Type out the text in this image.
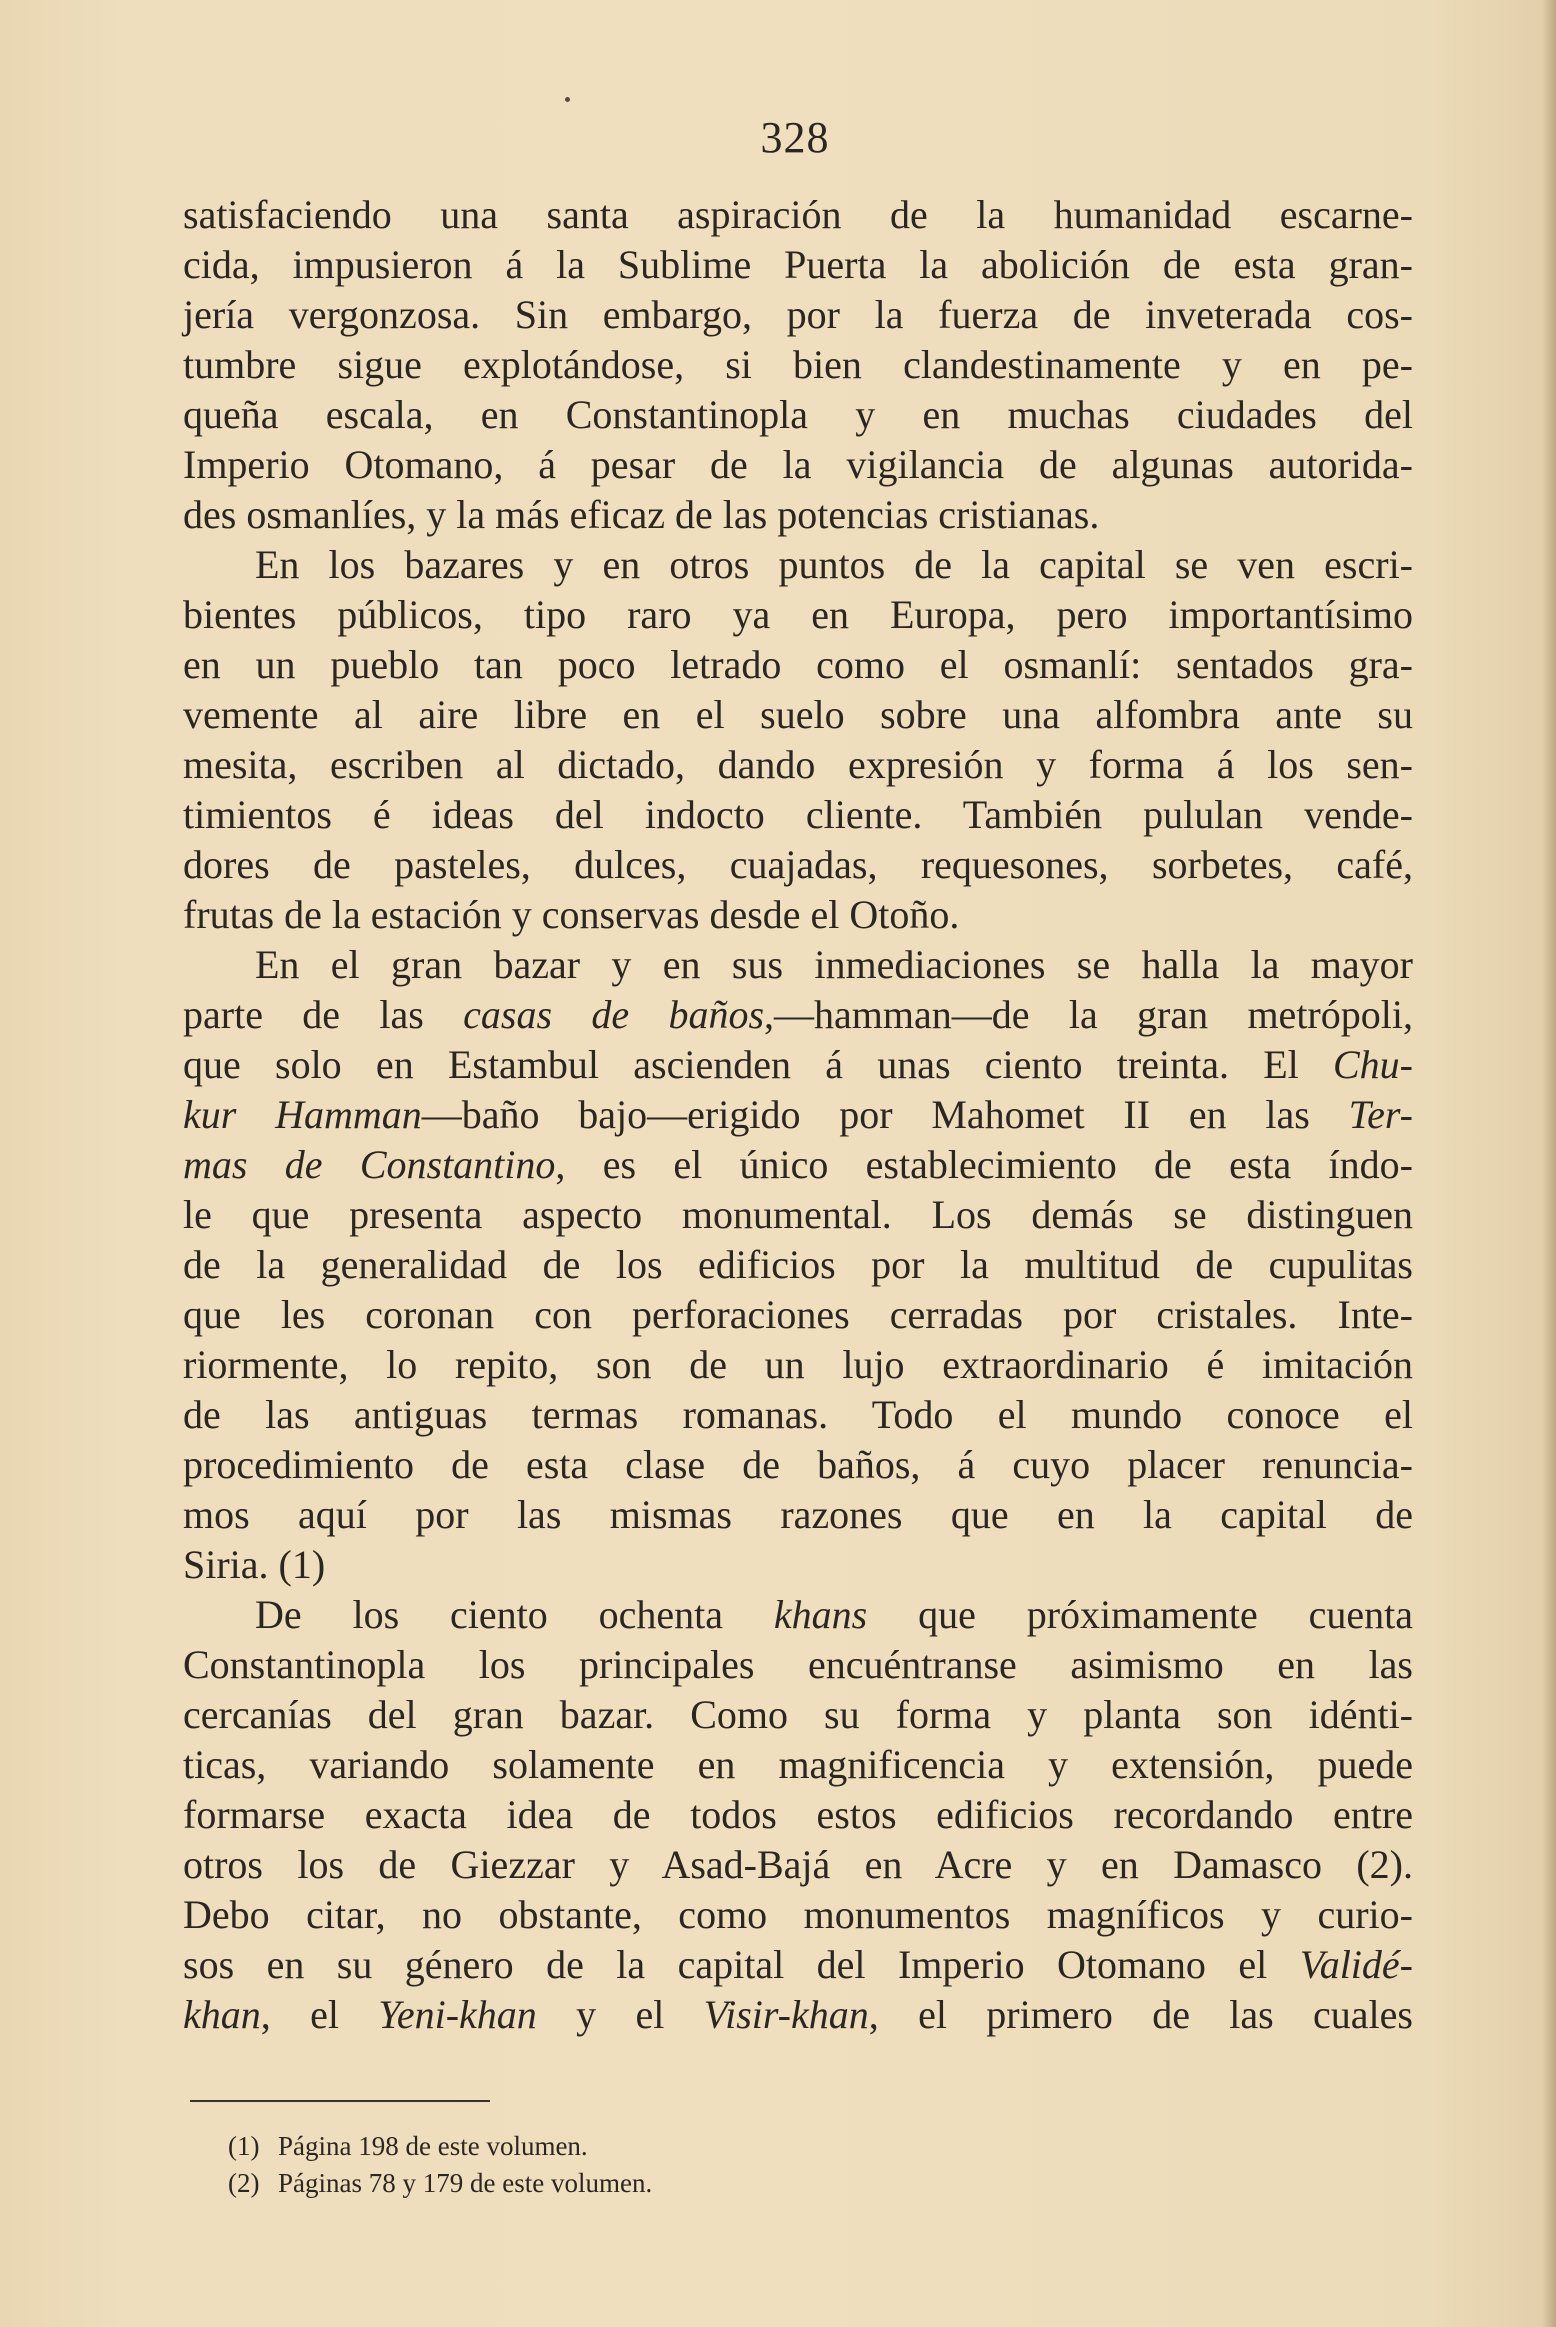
328
satisfaciendo una santa aspiración de la humanidad escarne-
cida, impusieron á la Sublime Puerta la abolición de esta gran-
jería vergonzosa. Sin embargo, por la fuerza de inveterada cos-
tumbre sigue explotándose, si bien clandestinamente y en pe-
queña escala, en Constantinopla y en muchas ciudades del
Imperio Otomano, á pesar de la vigilancia de algunas autorida-
des osmanlíes, y la más eficaz de las potencias cristianas.
En los bazares y en otros puntos de la capital se ven escri-
bientes públicos, tipo raro ya en Europa, pero importantísimo
en un pueblo tan poco letrado como el osmanlí: sentados gra-
vemente al aire libre en el suelo sobre una alfombra ante su
mesita, escriben al dictado, dando expresión y forma á los sen-
timientos é ideas del indocto cliente. También pululan vende-
dores de pasteles, dulces, cuajadas, requesones, sorbetes, café,
frutas de la estación y conservas desde el Otoño.
En el gran bazar y en sus inmediaciones se halla la mayor
parte de las casas de baños,—hamman—de la gran metrópoli,
que solo en Estambul ascienden á unas ciento treinta. El Chu-
kur Hamman—baño bajo—erigido por Mahomet II en las Ter-
mas de Constantino, es el único establecimiento de esta índo-
le que presenta aspecto monumental. Los demás se distinguen
de la generalidad de los edificios por la multitud de cupulitas
que les coronan con perforaciones cerradas por cristales. Inte-
riormente, lo repito, son de un lujo extraordinario é imitación
de las antiguas termas romanas. Todo el mundo conoce el
procedimiento de esta clase de baños, á cuyo placer renuncia-
mos aquí por las mismas razones que en la capital de
Siria. (1)
De los ciento ochenta khans que próximamente cuenta
Constantinopla los principales encuéntranse asimismo en las
cercanías del gran bazar. Como su forma y planta son idénti-
ticas, variando solamente en magnificencia y extensión, puede
formarse exacta idea de todos estos edificios recordando entre
otros los de Giezzar y Asad-Bajá en Acre y en Damasco (2).
Debo citar, no obstante, como monumentos magníficos y curio-
sos en su género de la capital del Imperio Otomano el Validé-
khan, el Yeni-khan y el Visir-khan, el primero de las cuales
(1) Página 198 de este volumen.
(2) Páginas 78 y 179 de este volumen.
